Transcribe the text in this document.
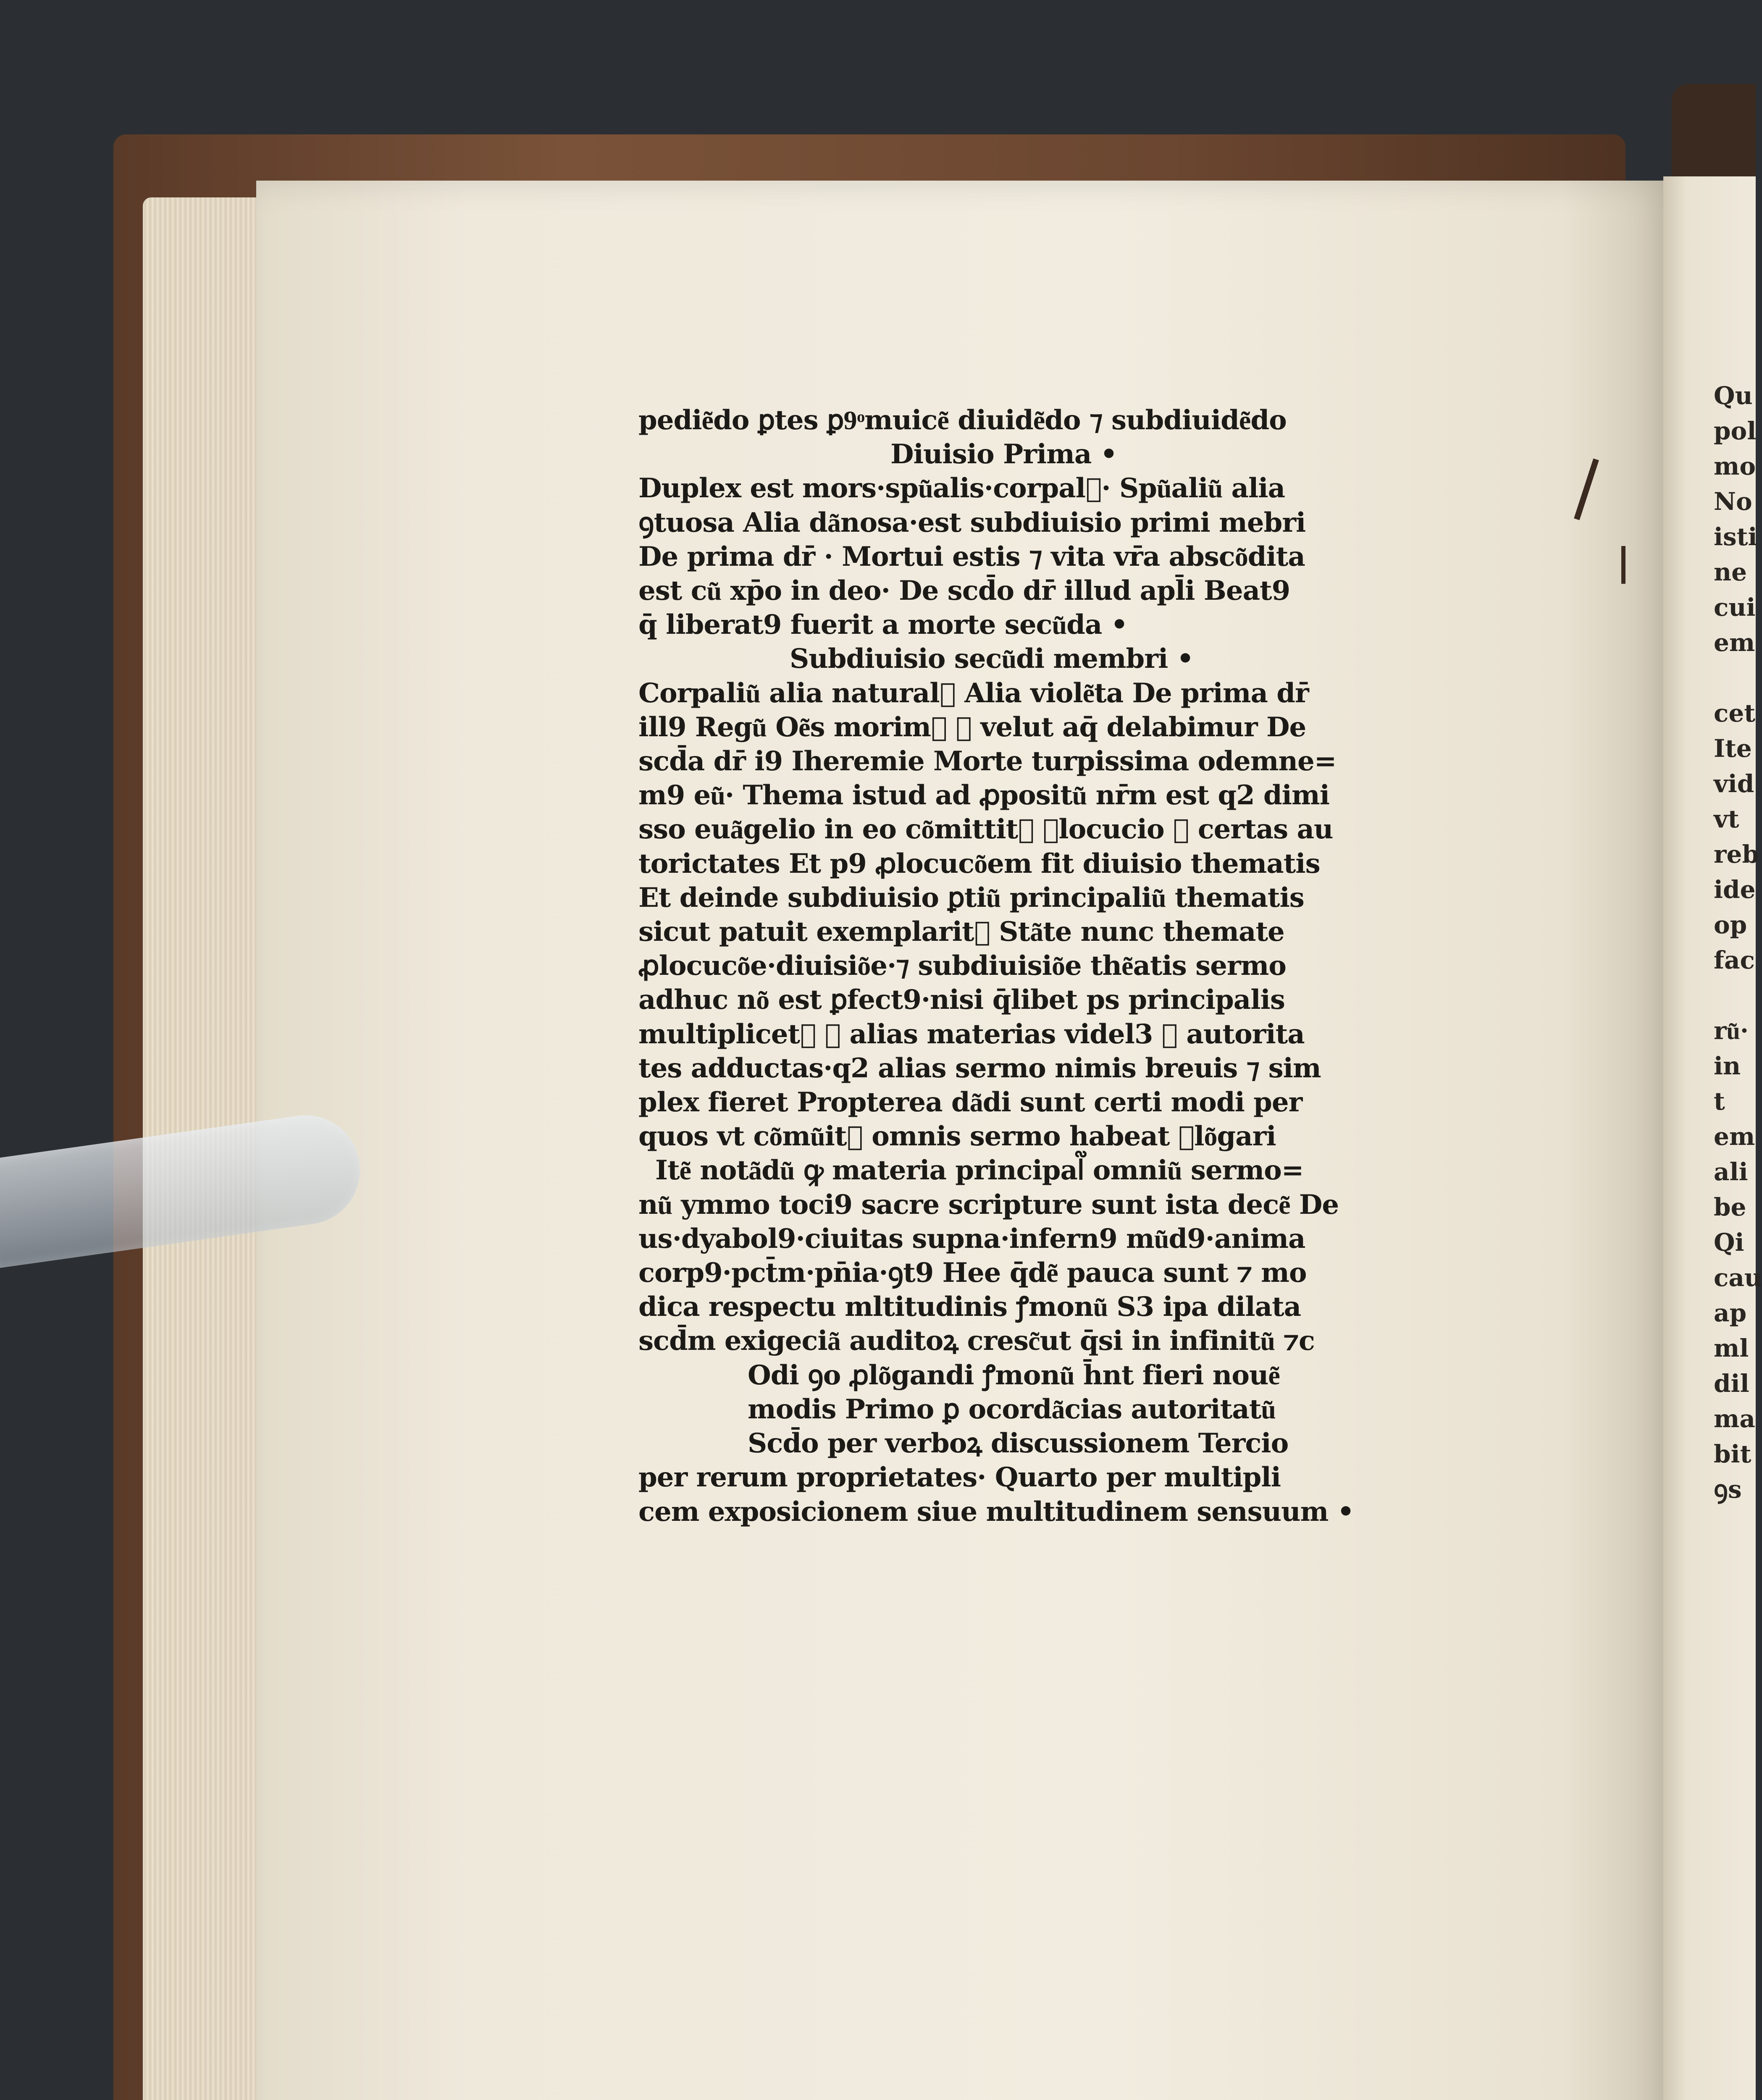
pedie͂do ꝑtes ꝑ9ͦmuice͂ diuide͂do ⁊ subdiuide͂do
Diuisio Prima •
Duplex est mors·spu͂alis·corpal᷑· Spu͂aliu͂ alia
ꝯtuosa Alia da͂nosa·est subdiuisio primi mebri
De prima dr̄ · Mortui estis ⁊ vita vr̄a absco͂dita
est cu͂ xp̄o in deo· De scd̄o dr̄ illud apl̄i Beat9
q̄ liberat9 fuerit a morte secu͂da •
Subdiuisio secu͂di membri •
Corpaliu͂ alia natural᷑ Alia viole͂ta De prima dr̄
ill9 Regu͂ Oe͂s morim᷑ ⁊ velut aq̄ delabimur De
scd̄a dr̄ i9 Iheremie Morte turpissima odemne=
m9 eu͂· Thema istud ad ꝓpositu͂ nr̄m est q2 dimi
sso eua͂gelio in eo co͂mittit᷑ ꝓlocucio ꝑ certas au
torictates Et p9 ꝓlocuco͂em fit diuisio thematis
Et deinde subdiuisio ꝑtiu͂ principaliu͂ thematis
sicut patuit exemplarit᷑ Sta͂te nunc themate
ꝓlocuco͂e·diuisio͂e·⁊ subdiuisio͂e the͂atis sermo
adhuc no͂ est ꝑfect9·nisi q̄libet ps principalis
multiplicet᷑ ꝑ alias materias videl3 ꝑ autorita
tes adductas·q2 alias sermo nimis breuis ⁊ sim
plex fieret Propterea da͂di sunt certi modi per
quos vt co͂mu͂it᷑ omnis sermo habeat ꝓlo͂gari
Ite͂ nota͂du͂ ꝙ materia principal᷑ omniu͂ sermo=
nu͂ ymmo toci9 sacre scripture sunt ista dece͂ De
us·dyabol9·ciuitas supna·infern9 mu͂d9·anima
corp9·pct̄m·pn̄ia·ꝯt9 Hee q̄de͂ pauca sunt ⁊ mo
dica respectu mltitudinis ꝭmonu͂ S3 ipa dilata
scd̄m exigecia͂ auditoꝝ cresc͂ut q̄si in infinitu͂ ⁊c
Odi ꝯo ꝓlo͂gandi ꝭmonu͂ h̄nt fieri noue͂
modis Primo ꝑ ocorda͂cias autoritatu͂
Scd̄o per verboꝝ discussionem Tercio
per rerum proprietates· Quarto per multipli
cem exposicionem siue multitudinem sensuum •
Qu
pol
mo
No
isti
ne
cui
em

cet
Ite
vid
vt
reb
ide
op
fac

ru͂·
in t
em
ali
be
Qi
cau
ap
ml
dil
ma
bit
ꝯs
